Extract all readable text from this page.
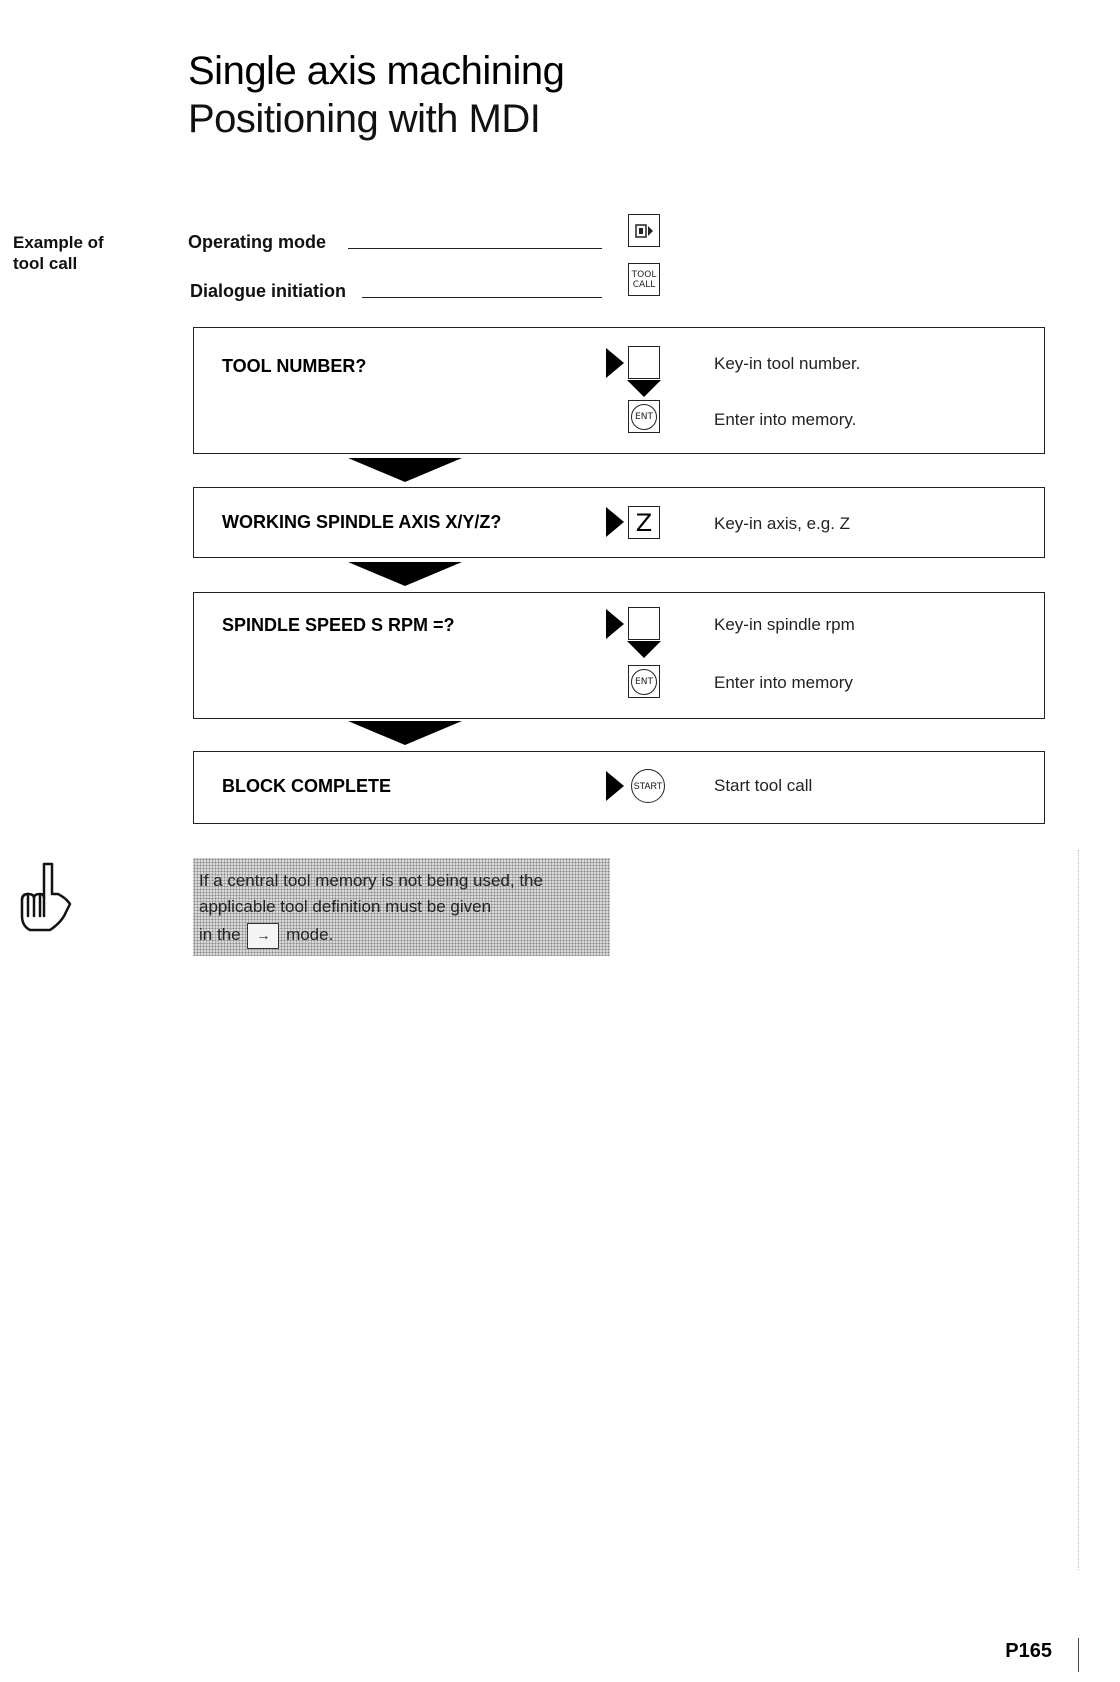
Single axis machining
Positioning with MDI
Example of
tool call
Operating mode
Dialogue initiation
TOOL
CALL
TOOL NUMBER?	Key-in tool number.
ENT	Enter into memory.
WORKING SPINDLE AXIS X/Y/Z?	Z	Key-in axis, e.g. Z
SPINDLE SPEED S RPM =?	Key-in spindle rpm
ENT	Enter into memory
BLOCK COMPLETE	START	Start tool call
If a central tool memory is not being used, the
applicable tool definition must be given
in the → mode.
P165
